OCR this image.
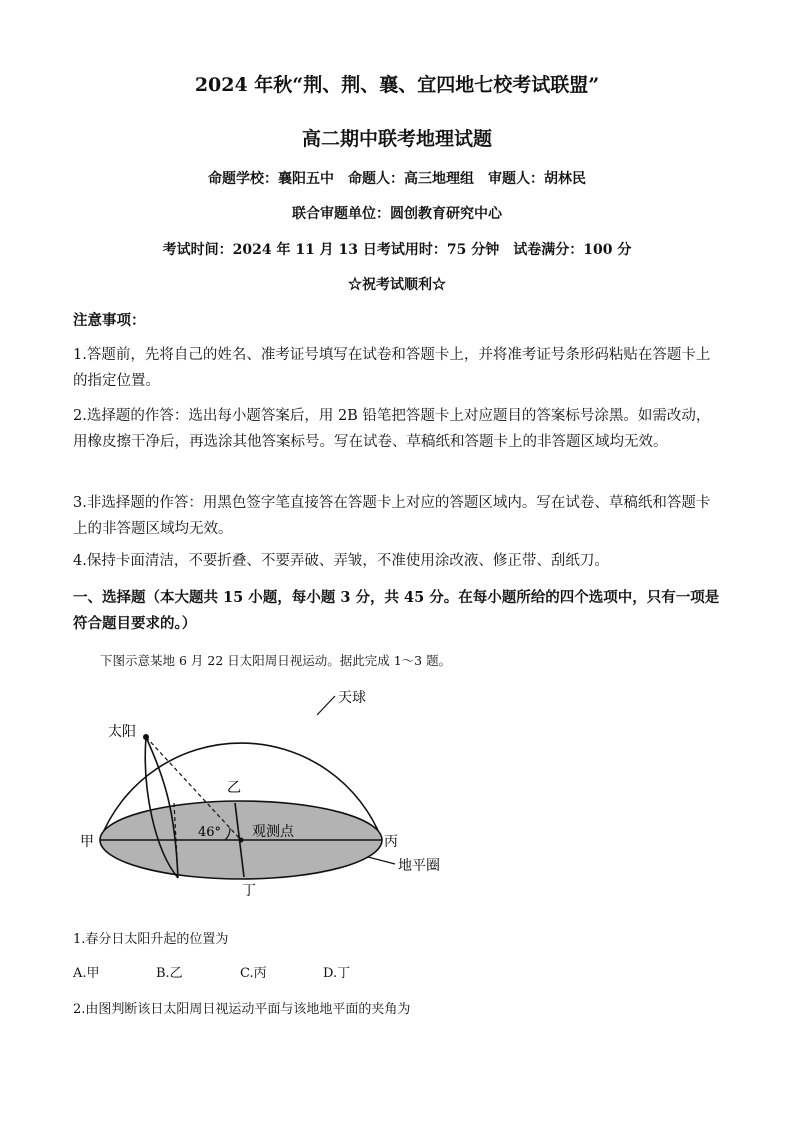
2024 年秋“荆、荆、襄、宜四地七校考试联盟”
高二期中联考地理试题
命题学校：襄阳五中　命题人：高三地理组　审题人：胡林民
联合审题单位：圆创教育研究中心
考试时间：2024 年 11 月 13 日考试用时：75 分钟　试卷满分：100 分
☆祝考试顺利☆
注意事项：
1.答题前，先将自己的姓名、准考证号填写在试卷和答题卡上，并将准考证号条形码粘贴在答题卡上的指定位置。
2.选择题的作答：选出每小题答案后，用 2B 铅笔把答题卡上对应题目的答案标号涂黑。如需改动，用橡皮擦干净后，再选涂其他答案标号。写在试卷、草稿纸和答题卡上的非答题区域均无效。
3.非选择题的作答：用黑色签字笔直接答在答题卡上对应的答题区域内。写在试卷、草稿纸和答题卡上的非答题区域均无效。
4.保持卡面清洁，不要折叠、不要弄破、弄皱，不准使用涂改液、修正带、刮纸刀。
一、选择题（本大题共 15 小题，每小题 3 分，共 45 分。在每小题所给的四个选项中，只有一项是符合题目要求的。）
下图示意某地 6 月 22 日太阳周日视运动。据此完成 1～3 题。
天球
太阳
乙
甲	丙
丁
46° 观测点
地平圈
1.春分日太阳升起的位置为
A.甲	B.乙	C.丙	D.丁
2.由图判断该日太阳周日视运动平面与该地地平面的夹角为
